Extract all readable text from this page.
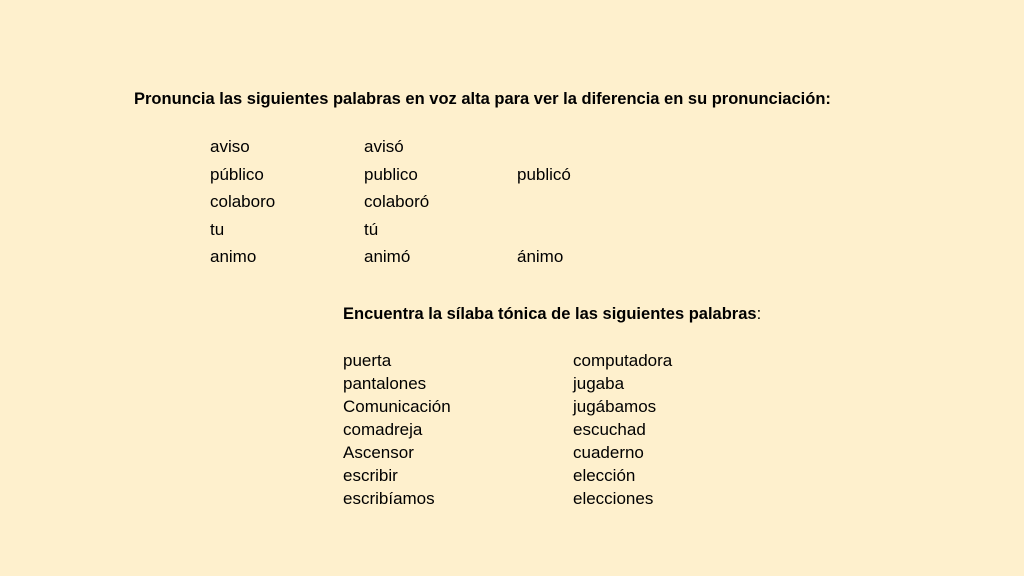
Pronuncia las siguientes palabras en voz alta para ver la diferencia en su pronunciación:
aviso	avisó
público	publico	publicó
colaboro	colaboró
tu	tú
animo	animó	ánimo
Encuentra la sílaba tónica de las siguientes palabras:
puerta	computadora
pantalones	jugaba
Comunicación	jugábamos
comadreja	escuchad
Ascensor	cuaderno
escribir	elección
escribíamos	elecciones
